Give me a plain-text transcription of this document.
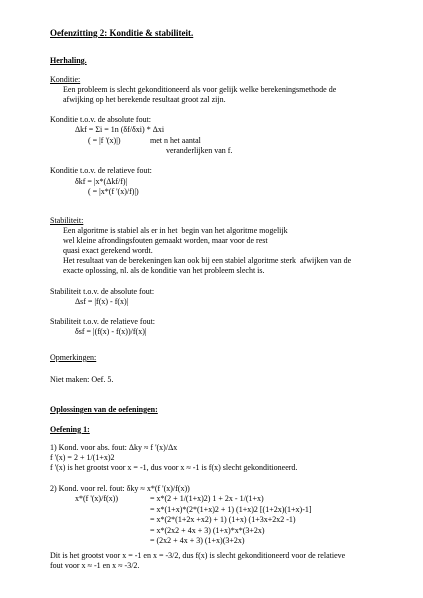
Oefenzitting 2: Konditie & stabiliteit.
Herhaling.
Konditie:
Een probleem is slecht gekonditioneerd als voor gelijk welke berekeningsmethode de
afwijking op het berekende resultaat groot zal zijn.
Konditie t.o.v. de absolute fout:
Δkf = Σi = 1n (δf/δxi) * Δxi
( = |f '(x)|)	met n het aantal
veranderlijken van f.
Konditie t.o.v. de relatieve fout:
δkf = |x*(Δkf/f)|
( = |x*(f '(x)/f)|)
Stabiliteit:
Een algoritme is stabiel als er in het  begin van het algoritme mogelijk
wel kleine afrondingsfouten gemaakt worden, maar voor de rest
quasi exact gerekend wordt.
Het resultaat van de berekeningen kan ook bij een stabiel algoritme sterk  afwijken van de
exacte oplossing, nl. als de konditie van het probleem slecht is.
Stabiliteit t.o.v. de absolute fout:
Δsf = |f(x) - f(x)|
Stabiliteit t.o.v. de relatieve fout:
δsf = |(f(x) - f(x))/f(x)|
Opmerkingen:
Niet maken: Oef. 5.
Oplossingen van de oefeningen:
Oefening 1:
1) Kond. voor abs. fout: Δky ≈ f '(x)/Δx
f '(x) = 2 + 1/(1+x)2
f '(x) is het grootst voor x = -1, dus voor x ≈ -1 is f(x) slecht gekonditioneerd.
2) Kond. voor rel. fout: δky ≈ x*(f '(x)/f(x))
x*(f '(x)/f(x))	= x*(2 + 1/(1+x)2) 1 + 2x - 1/(1+x)
= x*(1+x)*(2*(1+x)2 + 1) (1+x)2 [(1+2x)(1+x)-1]
= x*(2*(1+2x +x2) + 1) (1+x) (1+3x+2x2 -1)
= x*(2x2 + 4x + 3) (1+x)*x*(3+2x)
= (2x2 + 4x + 3) (1+x)(3+2x)
Dit is het grootst voor x = -1 en x = -3/2, dus f(x) is slecht gekonditioneerd voor de relatieve
fout voor x ≈ -1 en x ≈ -3/2.
